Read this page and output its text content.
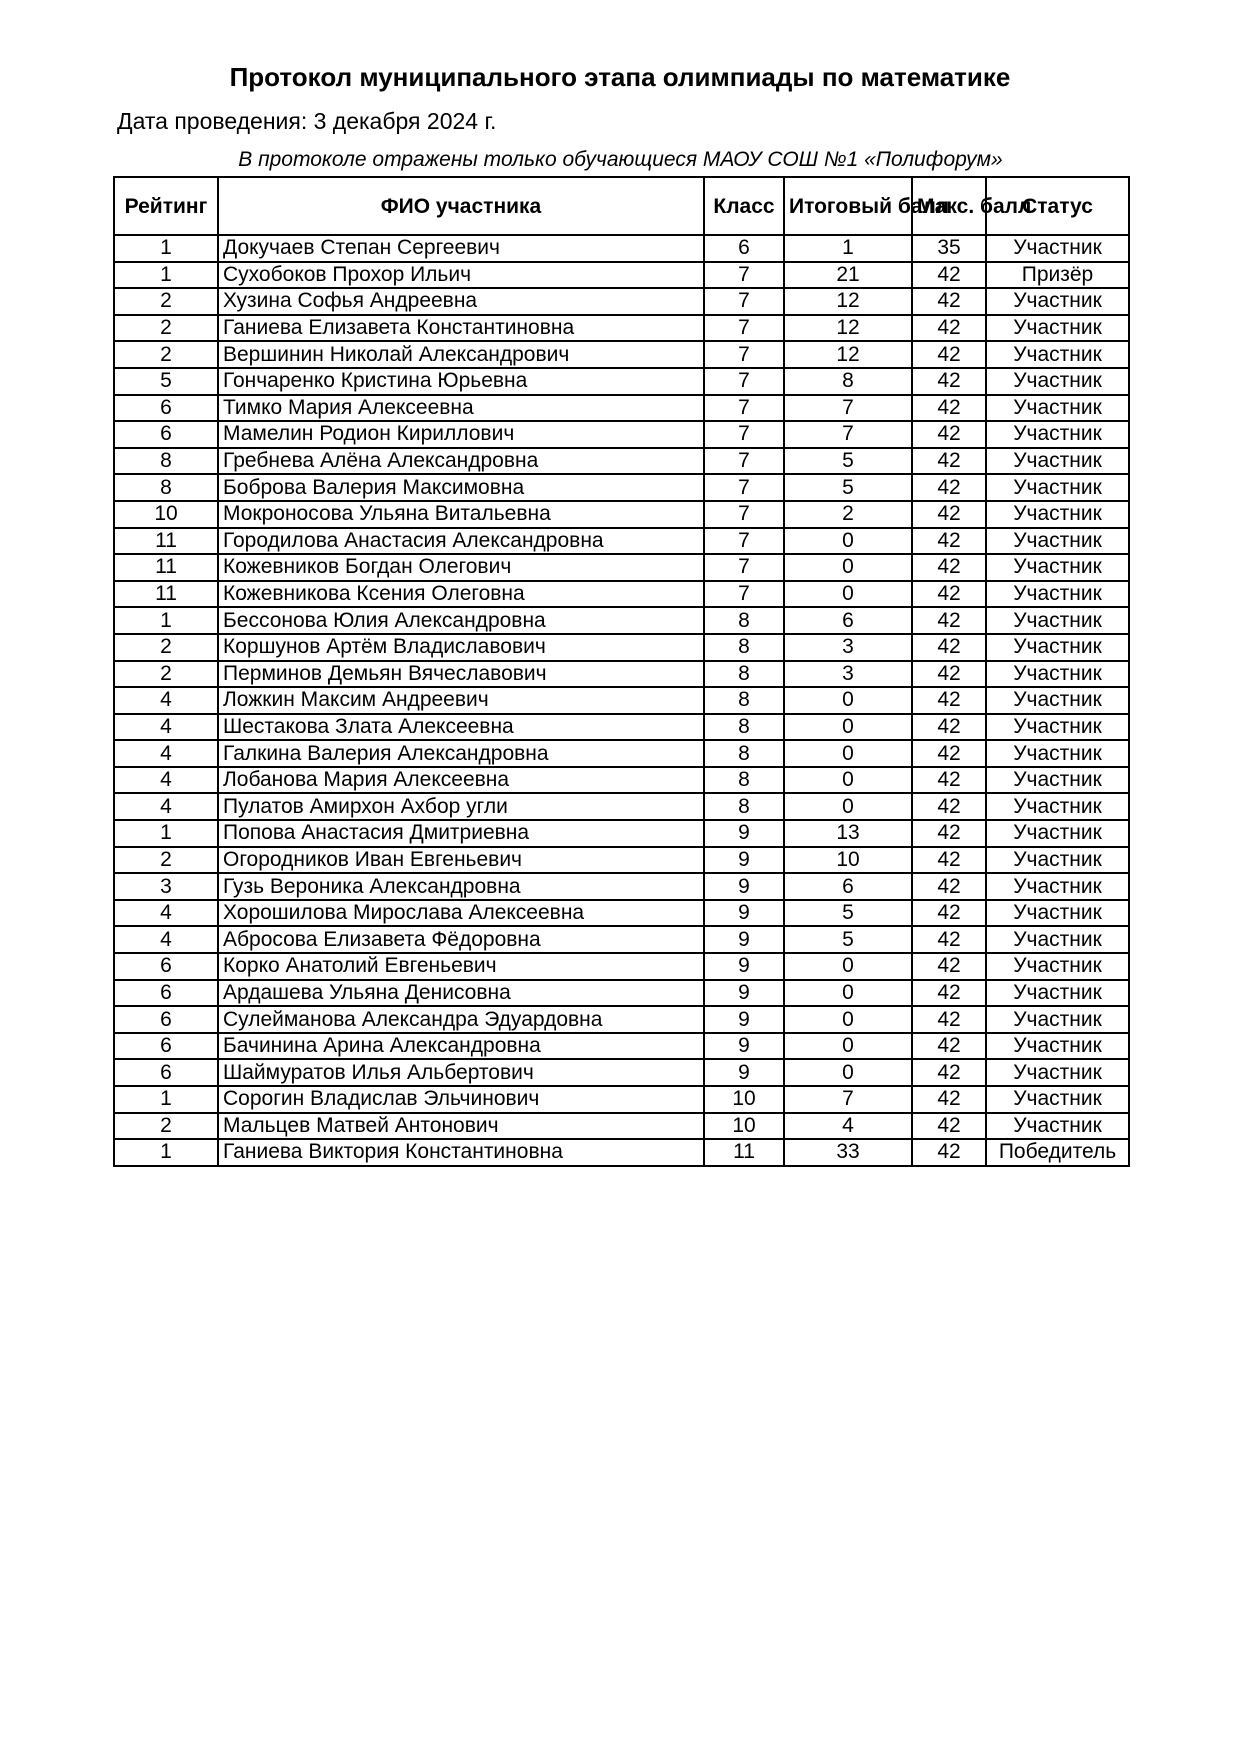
Протокол муниципального этапа олимпиады по математике
Дата проведения: 3 декабря 2024 г.
В протоколе отражены только обучающиеся МАОУ СОШ №1 «Полифорум»
Рейтинг	ФИО участника	Класс	Итоговый балл	Макс. балл	Статус
1	Докучаев Степан Сергеевич	6	1	35	Участник
1	Сухобоков Прохор Ильич	7	21	42	Призёр
2	Хузина Софья Андреевна	7	12	42	Участник
2	Ганиева Елизавета Константиновна	7	12	42	Участник
2	Вершинин Николай Александрович	7	12	42	Участник
5	Гончаренко Кристина Юрьевна	7	8	42	Участник
6	Тимко Мария Алексеевна	7	7	42	Участник
6	Мамелин Родион Кириллович	7	7	42	Участник
8	Гребнева Алёна Александровна	7	5	42	Участник
8	Боброва Валерия Максимовна	7	5	42	Участник
10	Мокроносова Ульяна Витальевна	7	2	42	Участник
11	Городилова Анастасия Александровна	7	0	42	Участник
11	Кожевников Богдан Олегович	7	0	42	Участник
11	Кожевникова Ксения Олеговна	7	0	42	Участник
1	Бессонова Юлия Александровна	8	6	42	Участник
2	Коршунов Артём Владиславович	8	3	42	Участник
2	Перминов Демьян Вячеславович	8	3	42	Участник
4	Ложкин Максим Андреевич	8	0	42	Участник
4	Шестакова Злата Алексеевна	8	0	42	Участник
4	Галкина Валерия Александровна	8	0	42	Участник
4	Лобанова Мария Алексеевна	8	0	42	Участник
4	Пулатов Амирхон Ахбор угли	8	0	42	Участник
1	Попова Анастасия Дмитриевна	9	13	42	Участник
2	Огородников Иван Евгеньевич	9	10	42	Участник
3	Гузь Вероника Александровна	9	6	42	Участник
4	Хорошилова Мирослава Алексеевна	9	5	42	Участник
4	Абросова Елизавета Фёдоровна	9	5	42	Участник
6	Корко Анатолий Евгеньевич	9	0	42	Участник
6	Ардашева Ульяна Денисовна	9	0	42	Участник
6	Сулейманова Александра Эдуардовна	9	0	42	Участник
6	Бачинина Арина Александровна	9	0	42	Участник
6	Шаймуратов Илья Альбертович	9	0	42	Участник
1	Сорогин Владислав Эльчинович	10	7	42	Участник
2	Мальцев Матвей Антонович	10	4	42	Участник
1	Ганиева Виктория Константиновна	11	33	42	Победитель
